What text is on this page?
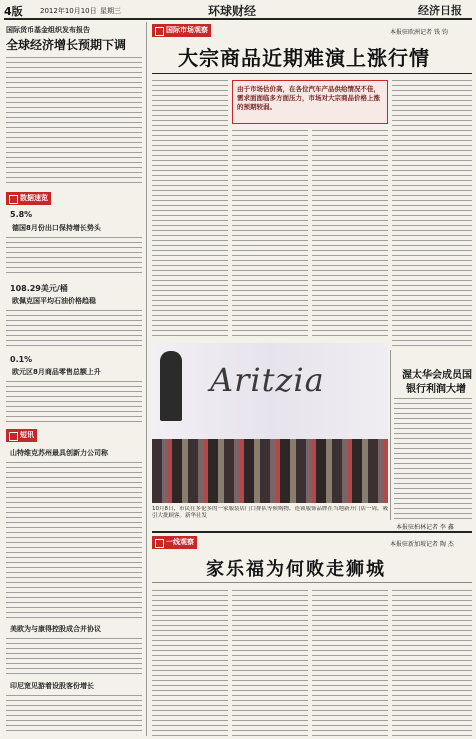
4版 2012年10月10日 星期三	环球财经	经济日报
国际货币基金组织发布报告
全球经济增长预期下调
数据速览
5.8%
德国8月份出口保持增长势头
108.29美元/桶
欧佩克国平均石油价格趋稳
0.1%
欧元区8月商品零售总额上升
短讯
山特维克苏州最具创新力公司称
美欧为与康得控股成合并协议
印尼宽见游着设股客份增长
国际市场观察	本报驻欧洲记者 钱 钧
大宗商品近期难演上涨行情
由于市场估价高，在各位汽车产品供给情况不佳，需求面面临多方面压力，市场对大宗商品价格上涨的预期较弱。
Aritzia
10月8日，市民在多伦多的一家服装店门口排队等候购物。连锁服饰品牌在当地新开门店一周，吸引大批顾客。新华社发
渥太华会成员国
银行利润大增
本报驻柏林记者 李 鑫
一线观察	本报驻新加坡记者 陶 杰
家乐福为何败走狮城
